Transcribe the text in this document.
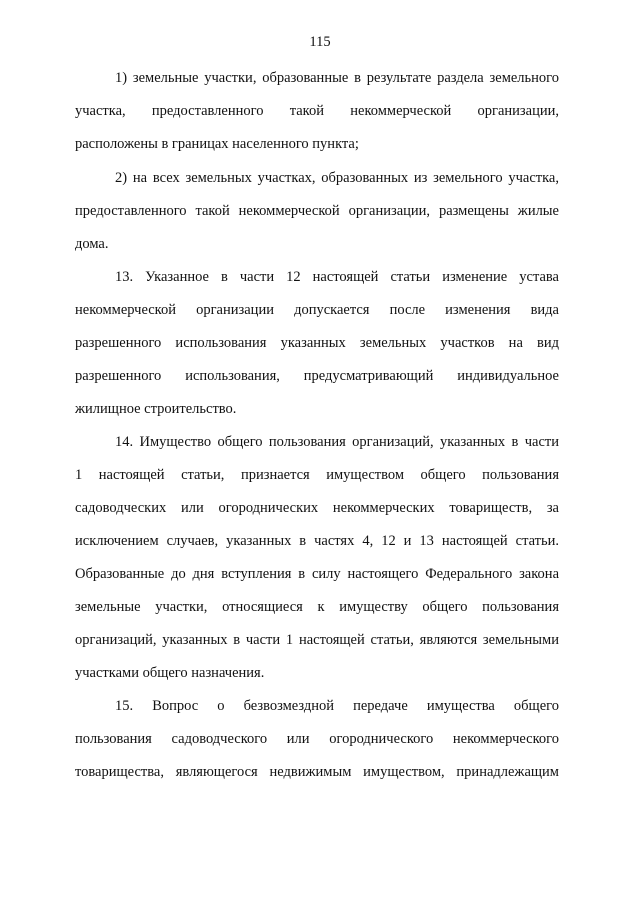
115

1) земельные участки, образованные в результате раздела земельного
участка, предоставленного такой некоммерческой организации,
расположены в границах населенного пункта;

2) на всех земельных участках, образованных из земельного участка,
предоставленного такой некоммерческой организации, размещены жилые
дома.

13. Указанное в части 12 настоящей статьи изменение устава
некоммерческой организации допускается после изменения вида
разрешенного использования указанных земельных участков на вид
разрешенного использования, предусматривающий индивидуальное
жилищное строительство.

14. Имущество общего пользования организаций, указанных в части
1 настоящей статьи, признается имуществом общего пользования
садоводческих или огороднических некоммерческих товариществ, за
исключением случаев, указанных в частях 4, 12 и 13 настоящей статьи.
Образованные до дня вступления в силу настоящего Федерального закона
земельные участки, относящиеся к имуществу общего пользования
организаций, указанных в части 1 настоящей статьи, являются земельными
участками общего назначения.

15. Вопрос о безвозмездной передаче имущества общего
пользования садоводческого или огороднического некоммерческого
товарищества, являющегося недвижимым имуществом, принадлежащим
